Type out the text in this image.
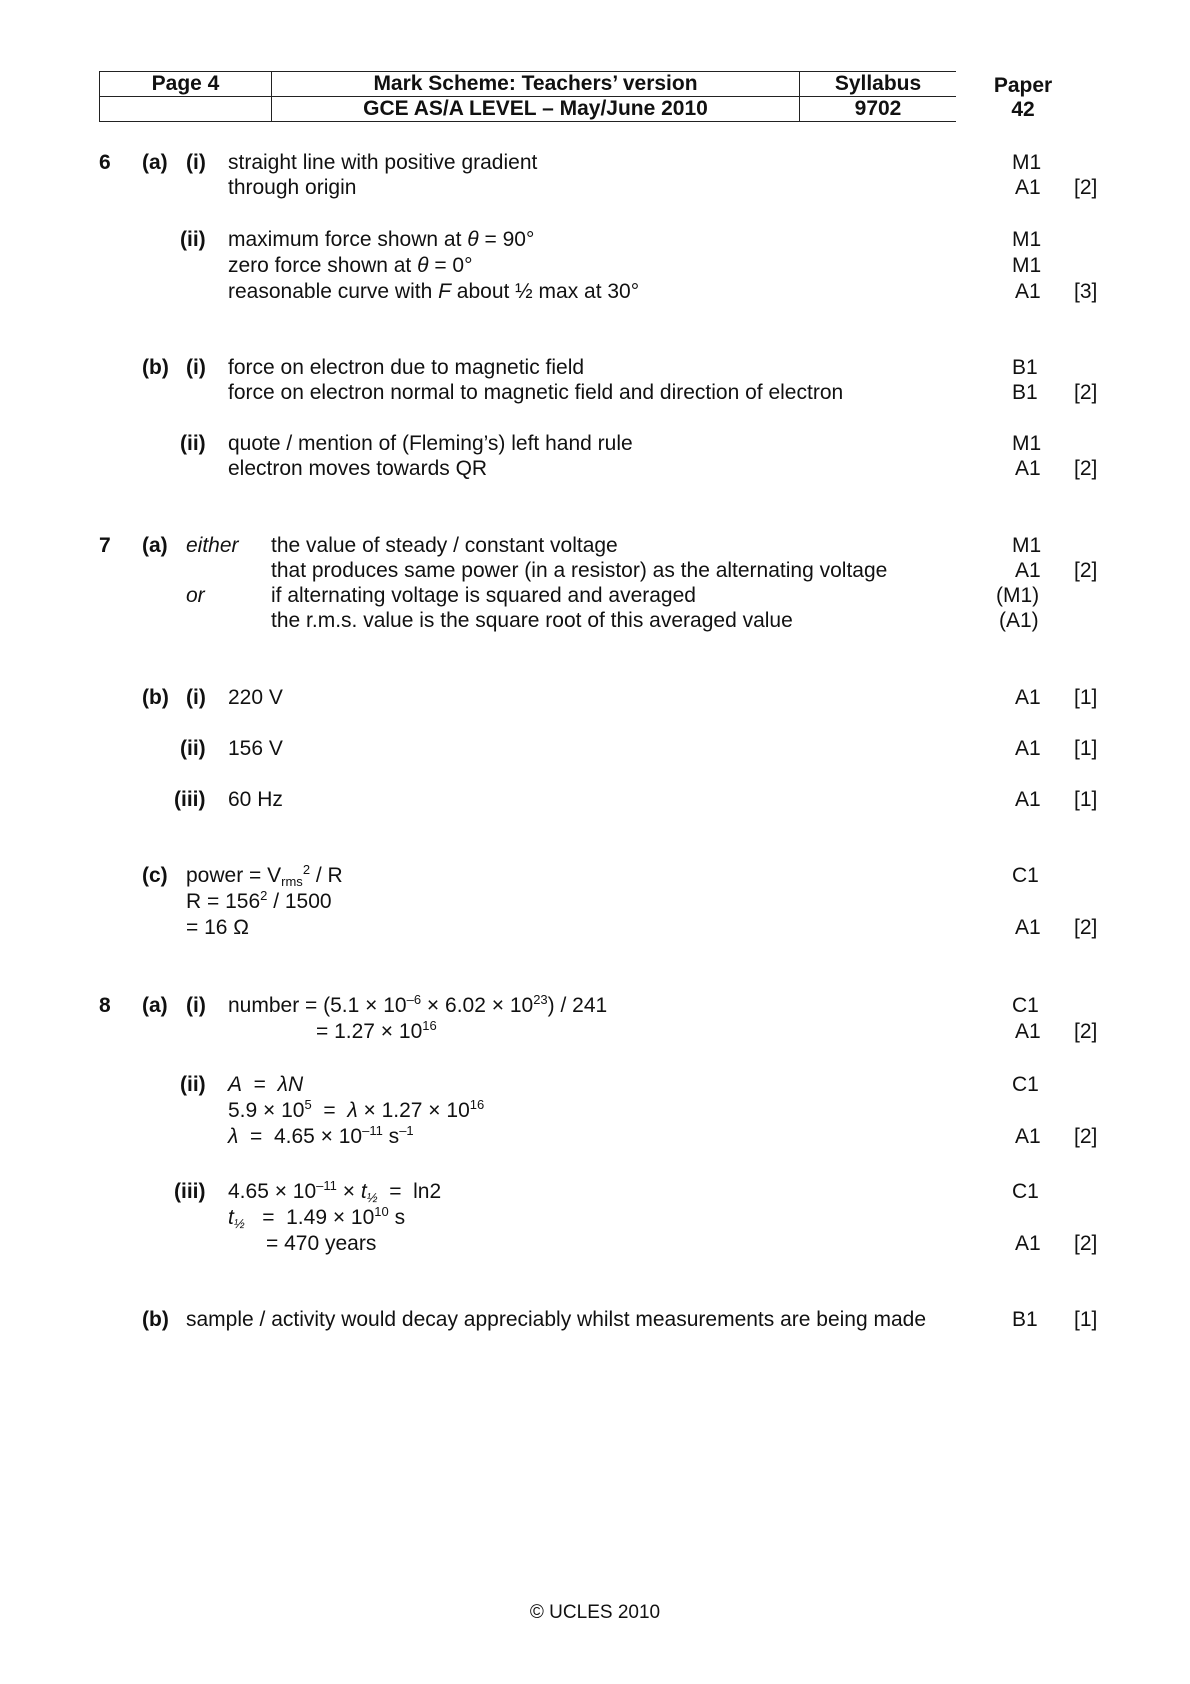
Page 4	Mark Scheme: Teachers’ version	Syllabus
	GCE AS/A LEVEL – May/June 2010	9702
Paper
42
6 (a) (i) straight line with positive gradient	M1
through origin	A1 [2]
(ii) maximum force shown at θ = 90°	M1
zero force shown at θ = 0°	M1
reasonable curve with F about ½ max at 30°	A1 [3]
(b) (i) force on electron due to magnetic field	B1
force on electron normal to magnetic field and direction of electron	B1 [2]
(ii) quote / mention of (Fleming’s) left hand rule	M1
electron moves towards QR	A1 [2]
7 (a) either the value of steady / constant voltage	M1
that produces same power (in a resistor) as the alternating voltage	A1 [2]
or	if alternating voltage is squared and averaged	(M1)
the r.m.s. value is the square root of this averaged value	(A1)
(b) (i) 220 V	A1 [1]
(ii) 156 V	A1 [1]
(iii) 60 Hz	A1 [1]
(c) power = $V_{rms}^2$ / R	C1
$R = 156^2 / 1500$
= 16 Ω	A1 [2]
8 (a) (i) number = $(5.1 \times 10^{-6} \times 6.02 \times 10^{23}) / 241$	C1
= $1.27 \times 10^{16}$	A1 [2]
(ii) A  =  λN	C1
$5.9 \times 10^5 = \lambda \times 1.27 \times 10^{16}$
$\lambda = 4.65 \times 10^{-11}$ $s^{-1}$	A1 [2]
(iii) $4.65 \times 10^{-11} \times t_{\frac{1}{2}} = \ln 2$	C1
$t_{\frac{1}{2}} = 1.49 \times 10^{10}$ s
= 470 years	A1 [2]
(b) sample / activity would decay appreciably whilst measurements are being made	B1 [1]
© UCLES 2010
